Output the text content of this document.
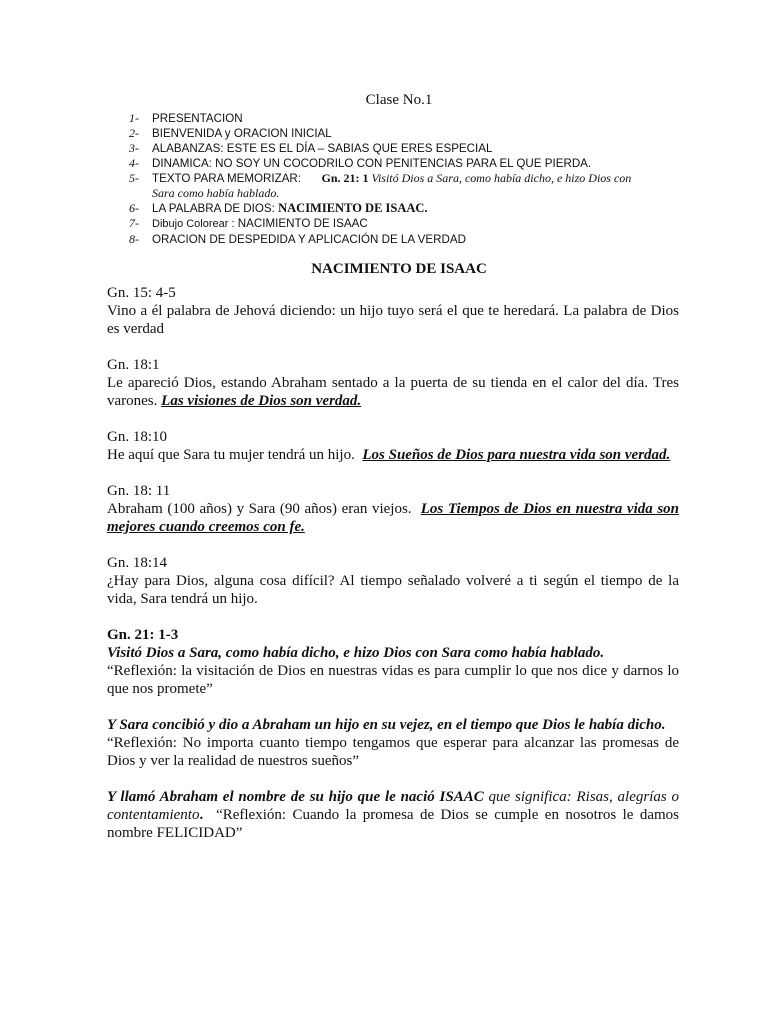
Clase No.1
1-	PRESENTACION
2-	BIENVENIDA y ORACION INICIAL
3-	ALABANZAS: ESTE ES EL DÍA – SABIAS QUE ERES ESPECIAL
4-	DINAMICA: NO SOY UN COCODRILO CON PENITENCIAS PARA EL QUE PIERDA.
5-	TEXTO PARA MEMORIZAR: Gn. 21: 1 Visitó Dios a Sara, como había dicho, e hizo Dios con
Sara como había hablado.
6-	LA PALABRA DE DIOS: NACIMIENTO DE ISAAC.
7-	Dibujo Colorear : NACIMIENTO DE ISAAC
8-	ORACION DE DESPEDIDA Y APLICACIÓN DE LA VERDAD
NACIMIENTO DE ISAAC
Gn. 15: 4-5

Vino a él palabra de Jehová diciendo: un hijo tuyo será el que te heredará. La palabra de Dios es verdad

Gn. 18:1

Le apareció Dios, estando Abraham sentado a la puerta de su tienda en el calor del día. Tres varones. Las visiones de Dios son verdad.

Gn. 18:10

He aquí que Sara tu mujer tendrá un hijo. Los Sueños de Dios para nuestra vida son verdad.

Gn. 18: 11

Abraham (100 años) y Sara (90 años) eran viejos. Los Tiempos de Dios en nuestra vida son mejores cuando creemos con fe.

Gn. 18:14

¿Hay para Dios, alguna cosa difícil? Al tiempo señalado volveré a ti según el tiempo de la vida, Sara tendrá un hijo.

Gn. 21: 1-3

Visitó Dios a Sara, como había dicho, e hizo Dios con Sara como había hablado.

“Reflexión: la visitación de Dios en nuestras vidas es para cumplir lo que nos dice y darnos lo que nos promete”

Y Sara concibió y dio a Abraham un hijo en su vejez, en el tiempo que Dios le había dicho.

“Reflexión: No importa cuanto tiempo tengamos que esperar para alcanzar las promesas de Dios y ver la realidad de nuestros sueños”

Y llamó Abraham el nombre de su hijo que le nació ISAAC que significa: Risas, alegrías o contentamiento. “Reflexión: Cuando la promesa de Dios se cumple en nosotros le damos nombre FELICIDAD”
